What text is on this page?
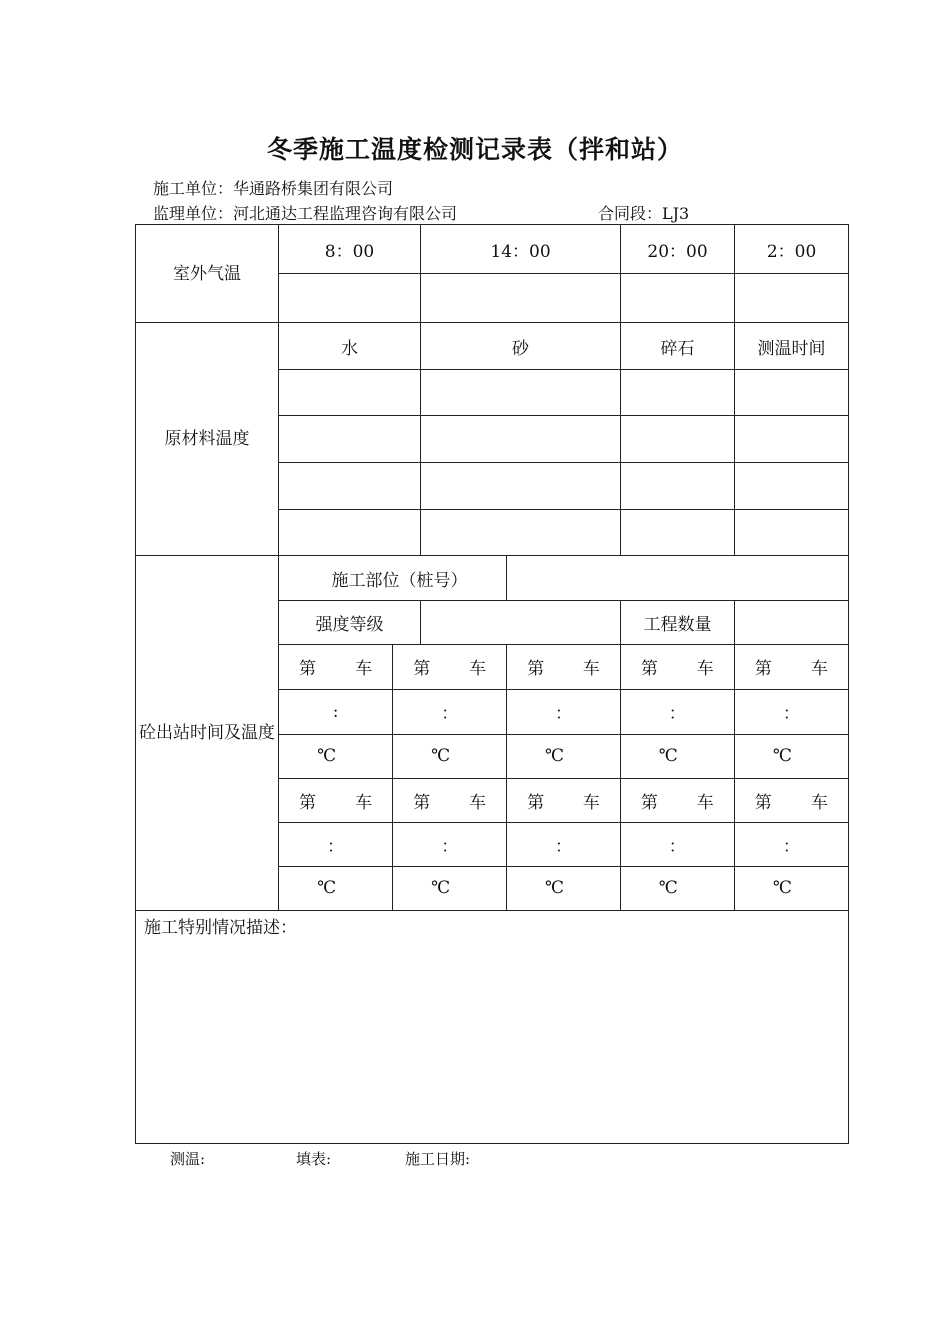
冬季施工温度检测记录表（拌和站）
施工单位：华通路桥集团有限公司
监理单位：河北通达工程监理咨询有限公司	合同段：LJ3
室外气温	8：00	14：00	20：00	2：00

原材料温度	水	砂	碎石	测温时间

砼出站时间及温度	施工部位（桩号）	
强度等级		工程数量	

第 车	第 车	第 车	第 车	第 车

:	：	：	：	：
℃	℃	℃	℃	℃

第 车	第 车	第 车	第 车	第 车

：	：	：	：	：
℃	℃	℃	℃	℃

施工特别情况描述：
测温:	填表:	施工日期:
